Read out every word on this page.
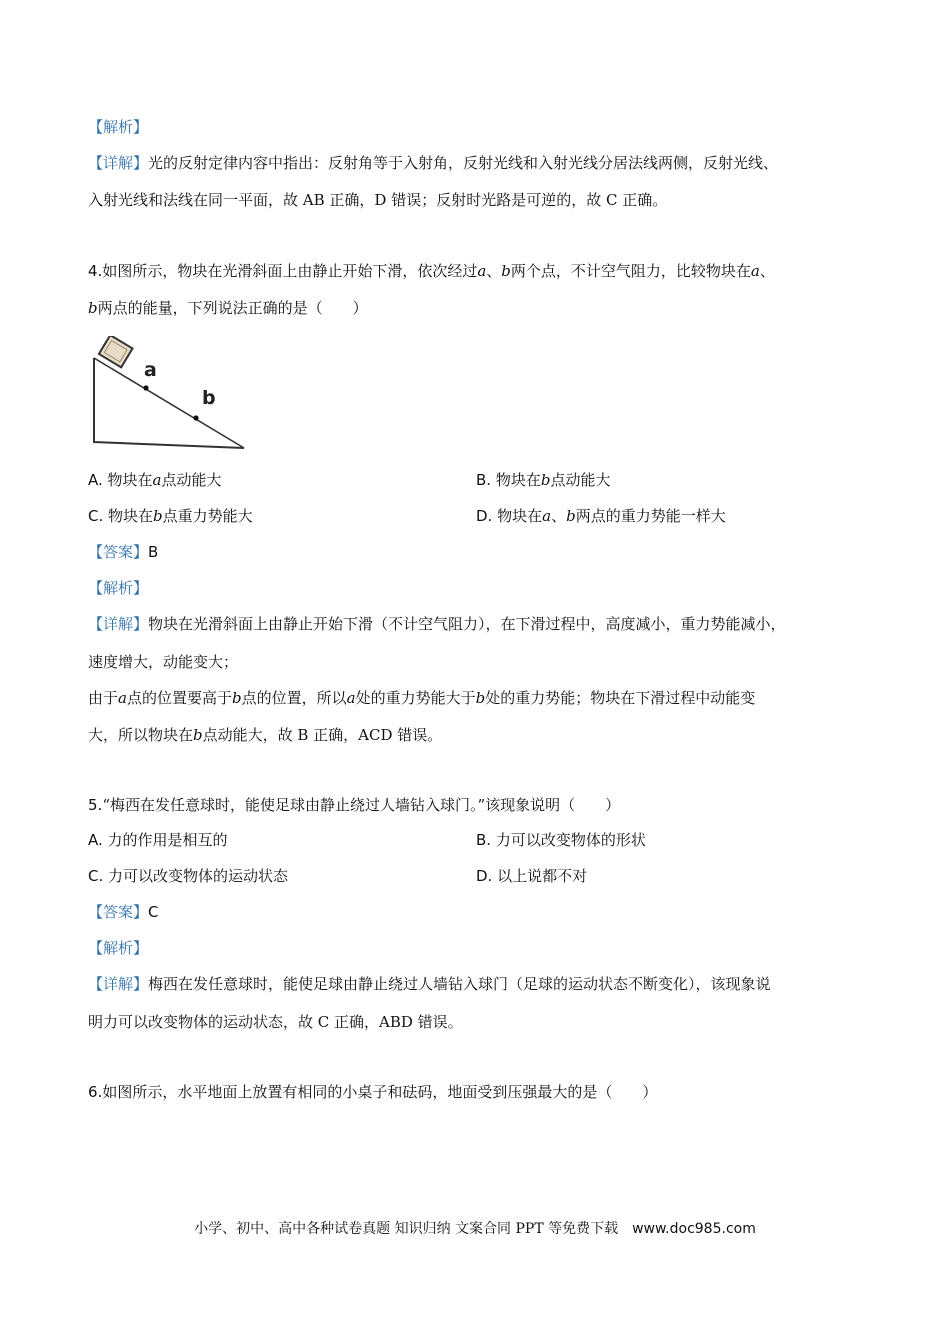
【解析】
【详解】光的反射定律内容中指出：反射角等于入射角，反射光线和入射光线分居法线两侧，反射光线、
入射光线和法线在同一平面，故 AB 正确，D 错误；反射时光路是可逆的，故 C 正确。
4.如图所示，物块在光滑斜面上由静止开始下滑，依次经过a、b两个点，不计空气阻力，比较物块在a、
b两点的能量，下列说法正确的是（　　）
a
b
A. 物块在a点动能大	B. 物块在b点动能大
C. 物块在b点重力势能大	D. 物块在a、b两点的重力势能一样大
【答案】B
【解析】
【详解】物块在光滑斜面上由静止开始下滑（不计空气阻力），在下滑过程中，高度减小，重力势能减小，
速度增大，动能变大；
由于a点的位置要高于b点的位置，所以a处的重力势能大于b处的重力势能；物块在下滑过程中动能变
大，所以物块在b点动能大，故 B 正确，ACD 错误。
5.“梅西在发任意球时，能使足球由静止绕过人墙钻入球门。”该现象说明（　　）
A. 力的作用是相互的	B. 力可以改变物体的形状
C. 力可以改变物体的运动状态	D. 以上说都不对
【答案】C
【解析】
【详解】梅西在发任意球时，能使足球由静止绕过人墙钻入球门（足球的运动状态不断变化），该现象说
明力可以改变物体的运动状态，故 C 正确，ABD 错误。
6.如图所示，水平地面上放置有相同的小桌子和砝码，地面受到压强最大的是（　　）
小学、初中、高中各种试卷真题 知识归纳 文案合同 PPT 等免费下载 www.doc985.com
